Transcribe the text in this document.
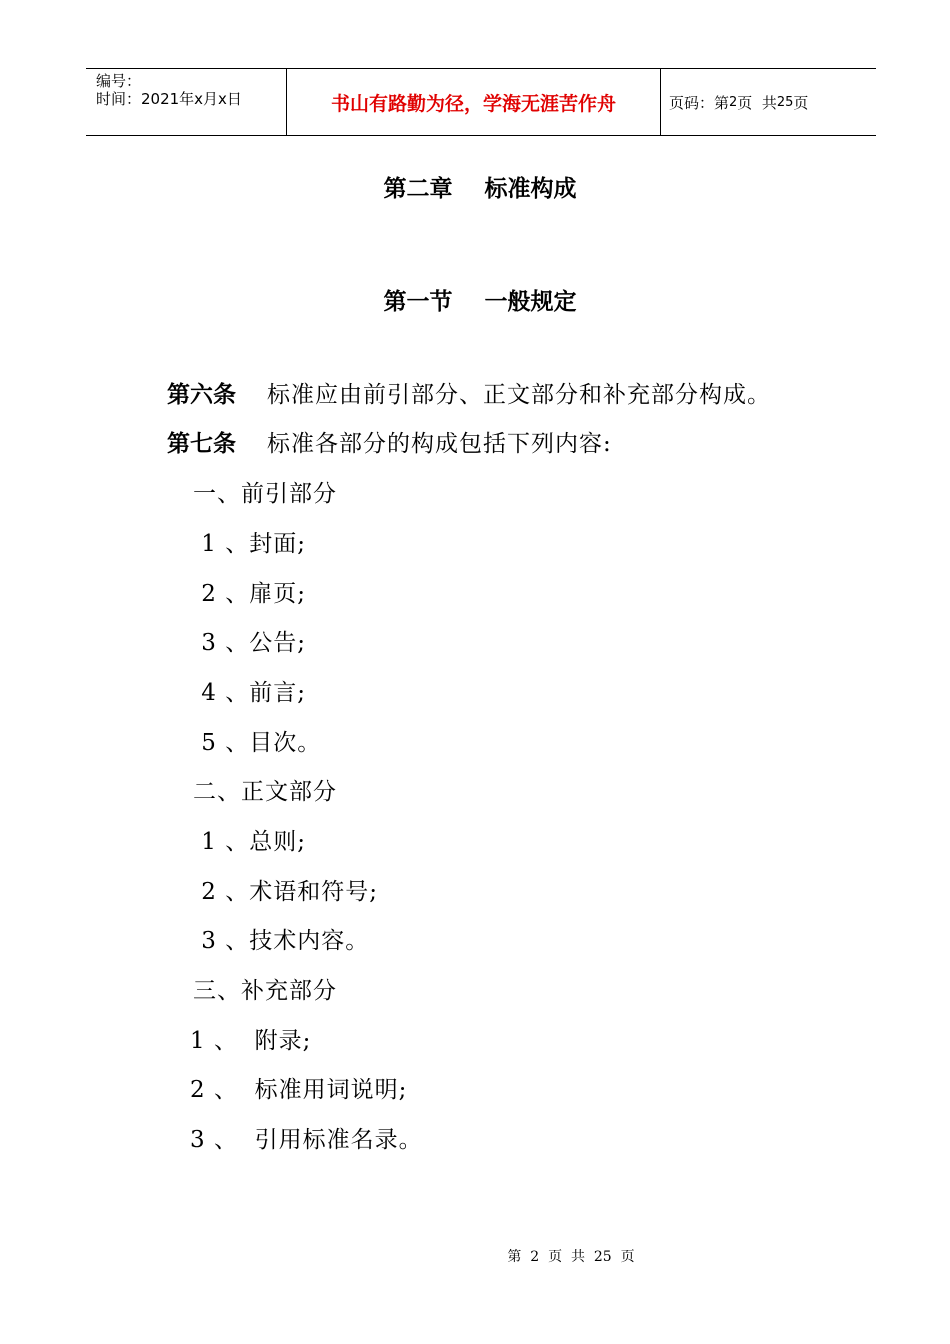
编号：
时间：2021年x月x日	书山有路勤为径，学海无涯苦作舟	页码：第 2 页  共 25 页
第二章    标准构成
第一节    一般规定
第六条 标准应由前引部分、正文部分和补充部分构成。
第七条 标准各部分的构成包括下列内容:
一、前引部分
1 、封面;
2 、扉页;
3 、公告;
4 、前言;
5 、目次。
二、正文部分
1 、总则;
2 、术语和符号;
3 、技术内容。
三、补充部分
1 、  附录;
2 、  标准用词说明;
3 、  引用标准名录。
第  2  页  共  25  页
